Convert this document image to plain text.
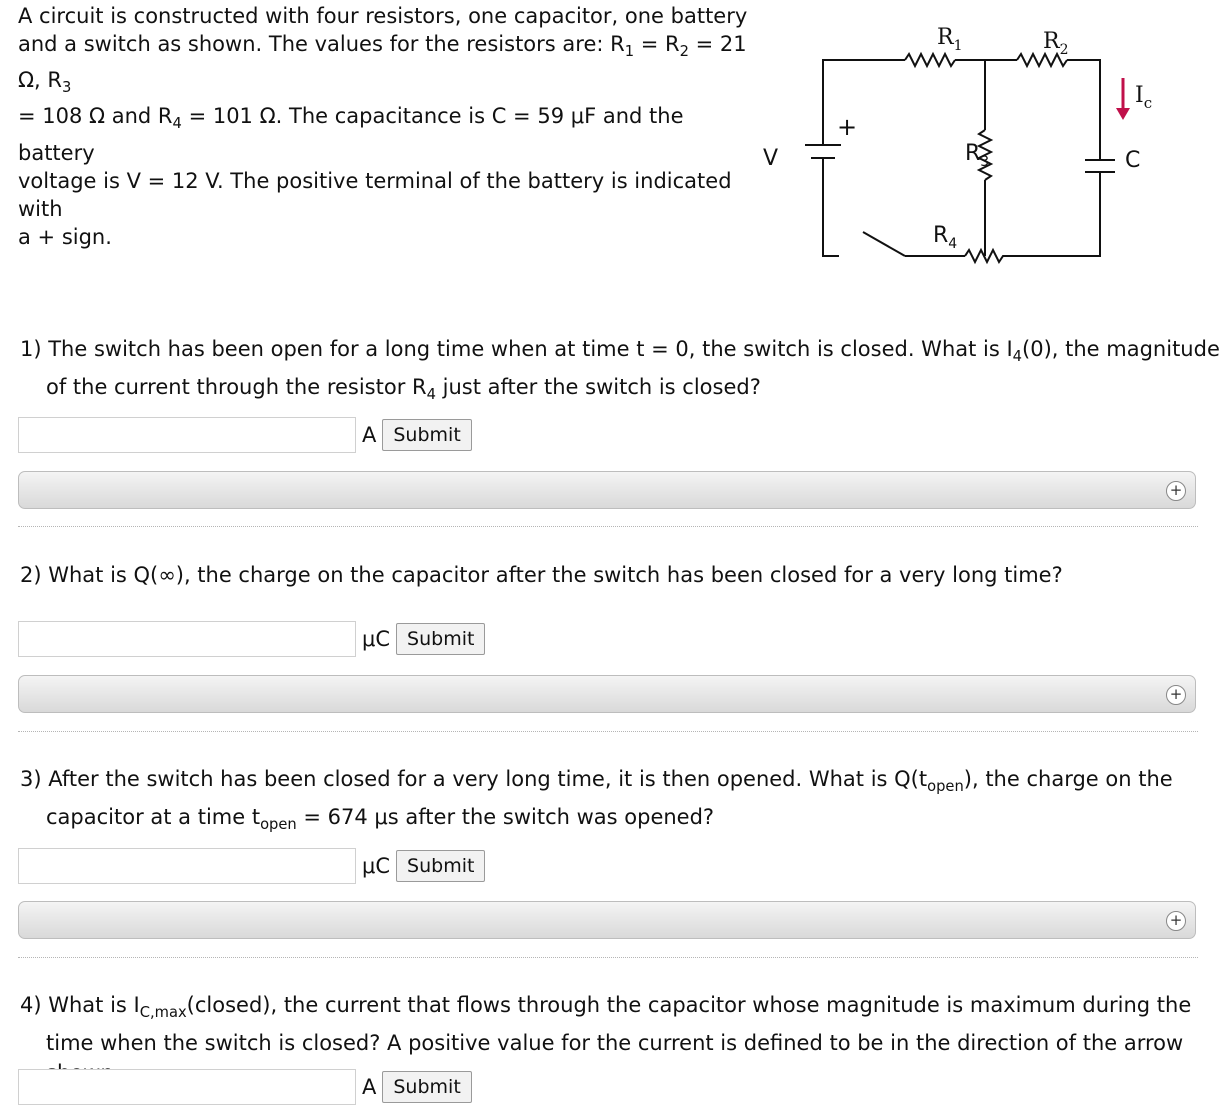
A circuit is constructed with four resistors, one capacitor, one battery
and a switch as shown. The values for the resistors are: $R_1 = R_2 = 21$ Ω, $R_3$
= 108 Ω and $R_4 = 101$ Ω. The capacitance is C = 59 μF and the battery
voltage is V = 12 V. The positive terminal of the battery is indicated with
a + sign.
$R_1$	$R_2$
$R_3$
$R_4$
V
+
$I_c$
C
1) The switch has been open for a long time when at time t = 0, the switch is closed. What is $I_4(0)$, the magnitude of the current through the resistor $R_4$ just after the switch is closed?
A Submit
+
2) What is Q(∞), the charge on the capacitor after the switch has been closed for a very long time?
μC Submit
+
3) After the switch has been closed for a very long time, it is then opened. What is $Q(t_{open})$, the charge on the capacitor at a time $t_{open} = 674$ μs after the switch was opened?
μC Submit
+
4) What is $I_{C,max}(closed)$, the current that flows through the capacitor whose magnitude is maximum during the time when the switch is closed? A positive value for the current is defined to be in the direction of the arrow
A Submit
